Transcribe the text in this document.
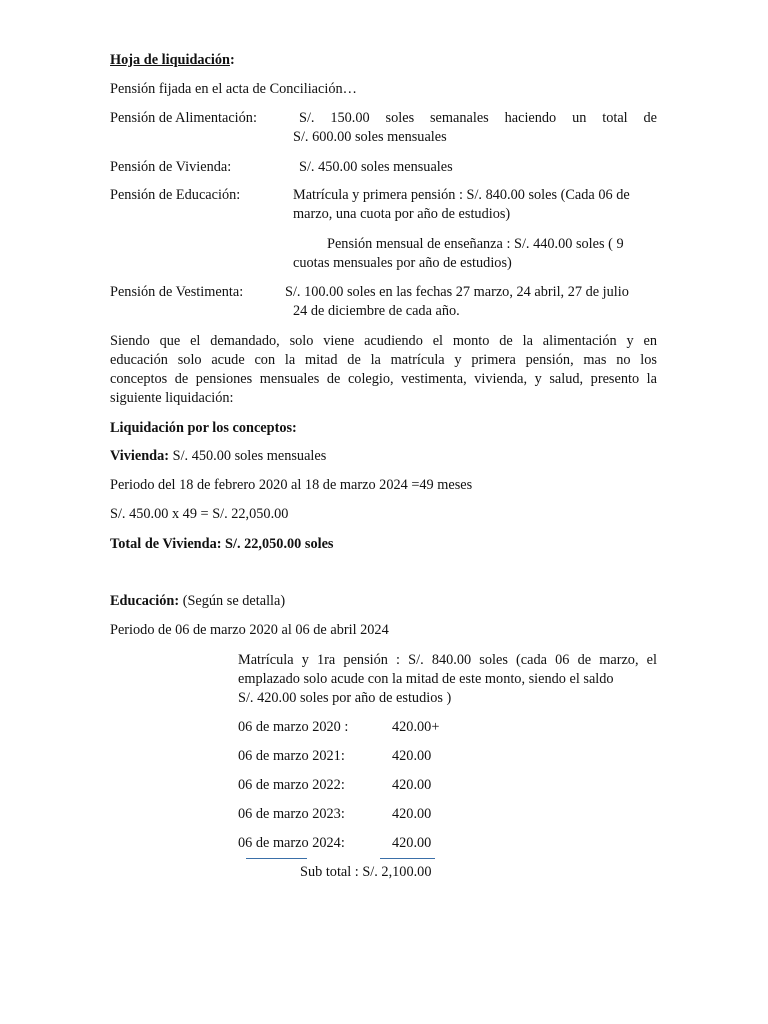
Hoja de liquidación:
Pensión fijada en el acta de Conciliación…
Pensión de Alimentación:	S/. 150.00 soles semanales haciendo un total de
S/. 600.00 soles mensuales
Pensión de Vivienda:	S/. 450.00 soles mensuales
Pensión de Educación:	Matrícula y primera pensión : S/. 840.00 soles (Cada 06 de
marzo, una cuota por año de estudios)
Pensión mensual de enseñanza : S/. 440.00 soles ( 9
cuotas mensuales por año de estudios)
Pensión de Vestimenta:	S/. 100.00 soles en las fechas 27 marzo, 24 abril, 27 de julio
24 de diciembre de cada año.
Siendo que el demandado, solo viene acudiendo el monto de la alimentación y en
educación solo acude con la mitad de la matrícula y primera pensión, mas no los
conceptos de pensiones mensuales de colegio, vestimenta, vivienda, y salud, presento la
siguiente liquidación:
Liquidación por los conceptos:
Vivienda: S/. 450.00 soles mensuales
Periodo del 18 de febrero 2020 al 18 de marzo 2024 =49 meses
S/. 450.00 x 49 = S/. 22,050.00
Total de Vivienda: S/. 22,050.00 soles
Educación: (Según se detalla)
Periodo de 06 de marzo 2020 al 06 de abril 2024
Matrícula y 1ra pensión : S/. 840.00 soles (cada 06 de marzo, el
emplazado solo acude con la mitad de este monto, siendo el saldo
S/. 420.00 soles por año de estudios )
06 de marzo 2020 :	420.00+
06 de marzo 2021:	420.00
06 de marzo 2022:	420.00
06 de marzo 2023:	420.00
06 de marzo 2024:	420.00
Sub total : S/. 2,100.00
